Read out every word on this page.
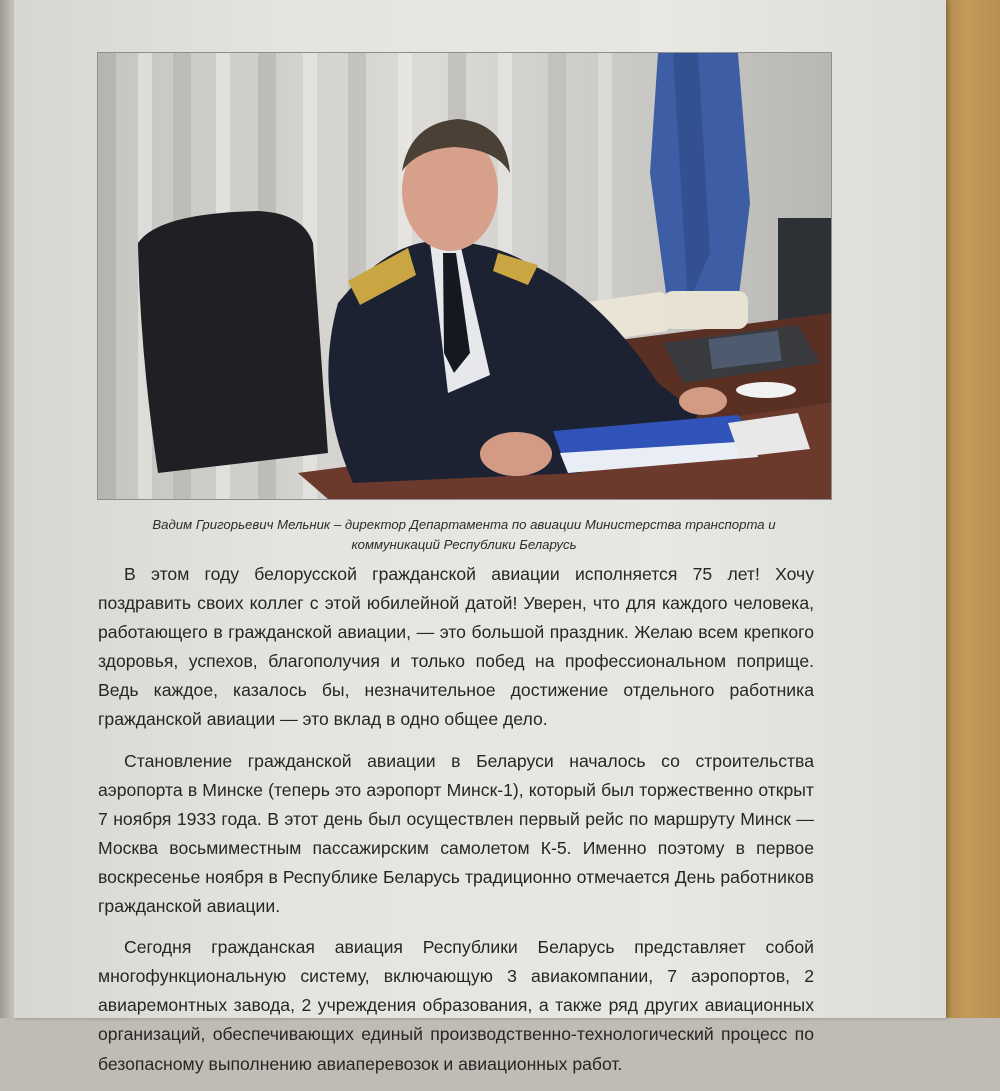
Вадим Григорьевич Мельник – директор Департамента по авиации Министерства транспорта и
коммуникаций Республики Беларусь

В этом году белорусской гражданской авиации исполняется 75 лет! Хочу поздравить своих коллег с этой юбилейной датой! Уверен, что для каждого человека, работающего в гражданской авиации, — это большой праздник. Желаю всем крепкого здоровья, успехов, благополучия и только побед на профессиональном поприще. Ведь каждое, казалось бы, незначительное достижение отдельного работника гражданской авиации — это вклад в одно общее дело.

Становление гражданской авиации в Беларуси началось со строительства аэропорта в Минске (теперь это аэропорт Минск-1), который был торжественно открыт 7 ноября 1933 года. В этот день был осуществлен первый рейс по маршруту Минск — Москва восьмиместным пассажирским самолетом К-5. Именно поэтому в первое воскресенье ноября в Республике Беларусь традиционно отмечается День работников гражданской авиации.

Сегодня гражданская авиация Республики Беларусь представляет собой многофункциональную систему, включающую 3 авиакомпании, 7 аэропортов, 2 авиаремонтных завода, 2 учреждения образования, а также ряд других авиационных организаций, обеспечивающих единый производственно-технологический процесс по безопасному выполнению авиаперевозок и авиационных работ.
